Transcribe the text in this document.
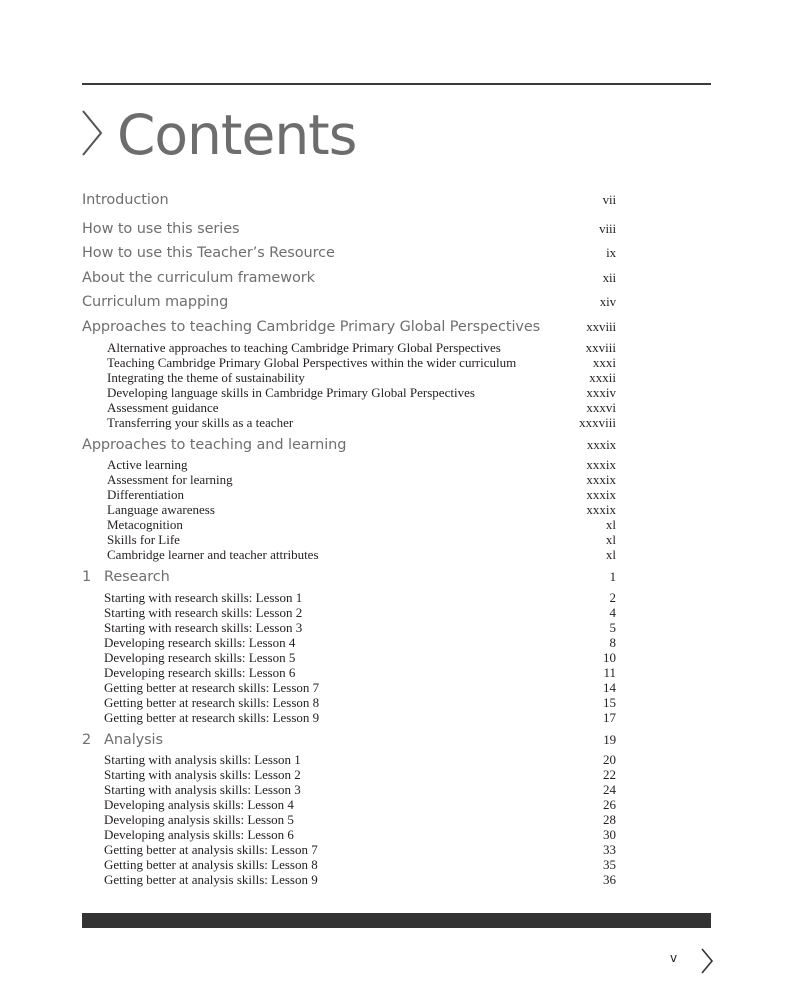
Contents
Introduction	vii
How to use this series	viii
How to use this Teacher’s Resource	ix
About the curriculum framework	xii
Curriculum mapping	xiv
Approaches to teaching Cambridge Primary Global Perspectives	xxviii
Alternative approaches to teaching Cambridge Primary Global Perspectives	xxviii
Teaching Cambridge Primary Global Perspectives within the wider curriculum	xxxi
Integrating the theme of sustainability	xxxii
Developing language skills in Cambridge Primary Global Perspectives	xxxiv
Assessment guidance	xxxvi
Transferring your skills as a teacher	xxxviii
Approaches to teaching and learning	xxxix
Active learning	xxxix
Assessment for learning	xxxix
Differentiation	xxxix
Language awareness	xxxix
Metacognition	xl
Skills for Life	xl
Cambridge learner and teacher attributes	xl
1 Research	1
Starting with research skills: Lesson 1	2
Starting with research skills: Lesson 2	4
Starting with research skills: Lesson 3	5
Developing research skills: Lesson 4	8
Developing research skills: Lesson 5	10
Developing research skills: Lesson 6	11
Getting better at research skills: Lesson 7	14
Getting better at research skills: Lesson 8	15
Getting better at research skills: Lesson 9	17
2 Analysis	19
Starting with analysis skills: Lesson 1	20
Starting with analysis skills: Lesson 2	22
Starting with analysis skills: Lesson 3	24
Developing analysis skills: Lesson 4	26
Developing analysis skills: Lesson 5	28
Developing analysis skills: Lesson 6	30
Getting better at analysis skills: Lesson 7	33
Getting better at analysis skills: Lesson 8	35
Getting better at analysis skills: Lesson 9	36
v
